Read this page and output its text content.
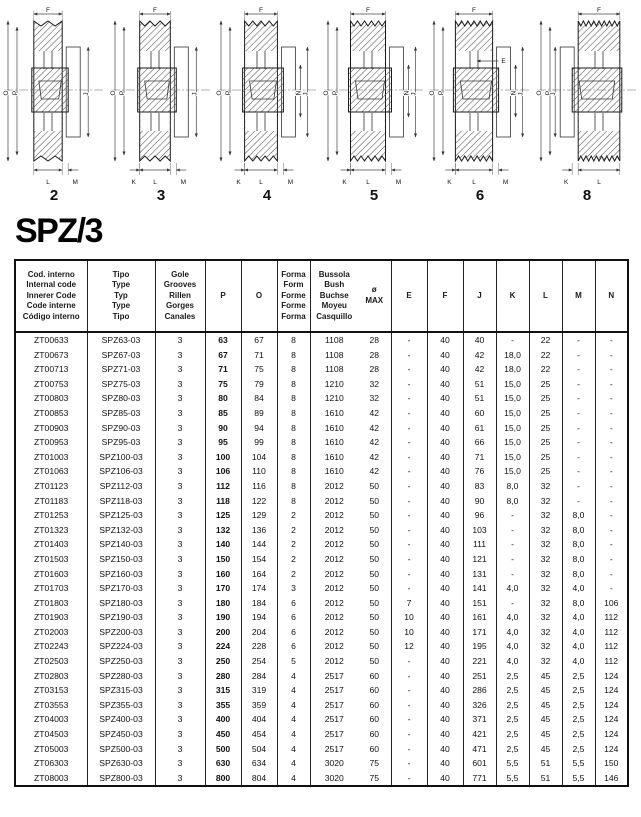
F
O P	J
L	M
2
F
O P	J
K	L	M
3
F
O P	N J
K	L	M
4
F
O P	N J
K	L	M
5
F
O P	N J
E
K	L	M
6
F
O P
J
K	L
8
SPZ/3
Cod. interno
Internal code
Innerer Code
Code interne
Código interno

Tipo
Type
Typ
Type
Tipo

Gole
Grooves
Rillen
Gorges
Canales

P	O

Forma
Form
Forme
Forme
Forma

Bussola
Bush
Buchse
Moyeu
Casquillo

ø
MAX

E	F	J	K	L	M	N

ZT00633	SPZ63-03	3	63	67	8	1108	28	-	40	40	-	22	-	-
ZT00673	SPZ67-03	3	67	71	8	1108	28	-	40	42	18,0	22	-	-
ZT00713	SPZ71-03	3	71	75	8	1108	28	-	40	42	18,0	22	-	-
ZT00753	SPZ75-03	3	75	79	8	1210	32	-	40	51	15,0	25	-	-
ZT00803	SPZ80-03	3	80	84	8	1210	32	-	40	51	15,0	25	-	-
ZT00853	SPZ85-03	3	85	89	8	1610	42	-	40	60	15,0	25	-	-
ZT00903	SPZ90-03	3	90	94	8	1610	42	-	40	61	15,0	25	-	-
ZT00953	SPZ95-03	3	95	99	8	1610	42	-	40	66	15,0	25	-	-
ZT01003	SPZ100-03	3	100	104	8	1610	42	-	40	71	15,0	25	-	-
ZT01063	SPZ106-03	3	106	110	8	1610	42	-	40	76	15,0	25	-	-
ZT01123	SPZ112-03	3	112	116	8	2012	50	-	40	83	8,0	32	-	-
ZT01183	SPZ118-03	3	118	122	8	2012	50	-	40	90	8,0	32	-	-
ZT01253	SPZ125-03	3	125	129	2	2012	50	-	40	96	-	32	8,0	-
ZT01323	SPZ132-03	3	132	136	2	2012	50	-	40	103	-	32	8,0	-
ZT01403	SPZ140-03	3	140	144	2	2012	50	-	40	111	-	32	8,0	-
ZT01503	SPZ150-03	3	150	154	2	2012	50	-	40	121	-	32	8,0	-
ZT01603	SPZ160-03	3	160	164	2	2012	50	-	40	131	-	32	8,0	-
ZT01703	SPZ170-03	3	170	174	3	2012	50	-	40	141	4,0	32	4,0	-
ZT01803	SPZ180-03	3	180	184	6	2012	50	7	40	151	-	32	8,0	106
ZT01903	SPZ190-03	3	190	194	6	2012	50	10	40	161	4,0	32	4,0	112
ZT02003	SPZ200-03	3	200	204	6	2012	50	10	40	171	4,0	32	4,0	112
ZT02243	SPZ224-03	3	224	228	6	2012	50	12	40	195	4,0	32	4,0	112
ZT02503	SPZ250-03	3	250	254	5	2012	50	-	40	221	4,0	32	4,0	112
ZT02803	SPZ280-03	3	280	284	4	2517	60	-	40	251	2,5	45	2,5	124
ZT03153	SPZ315-03	3	315	319	4	2517	60	-	40	286	2,5	45	2,5	124
ZT03553	SPZ355-03	3	355	359	4	2517	60	-	40	326	2,5	45	2,5	124
ZT04003	SPZ400-03	3	400	404	4	2517	60	-	40	371	2,5	45	2,5	124
ZT04503	SPZ450-03	3	450	454	4	2517	60	-	40	421	2,5	45	2,5	124
ZT05003	SPZ500-03	3	500	504	4	2517	60	-	40	471	2,5	45	2,5	124
ZT06303	SPZ630-03	3	630	634	4	3020	75	-	40	601	5,5	51	5,5	150
ZT08003	SPZ800-03	3	800	804	4	3020	75	-	40	771	5,5	51	5,5	146
